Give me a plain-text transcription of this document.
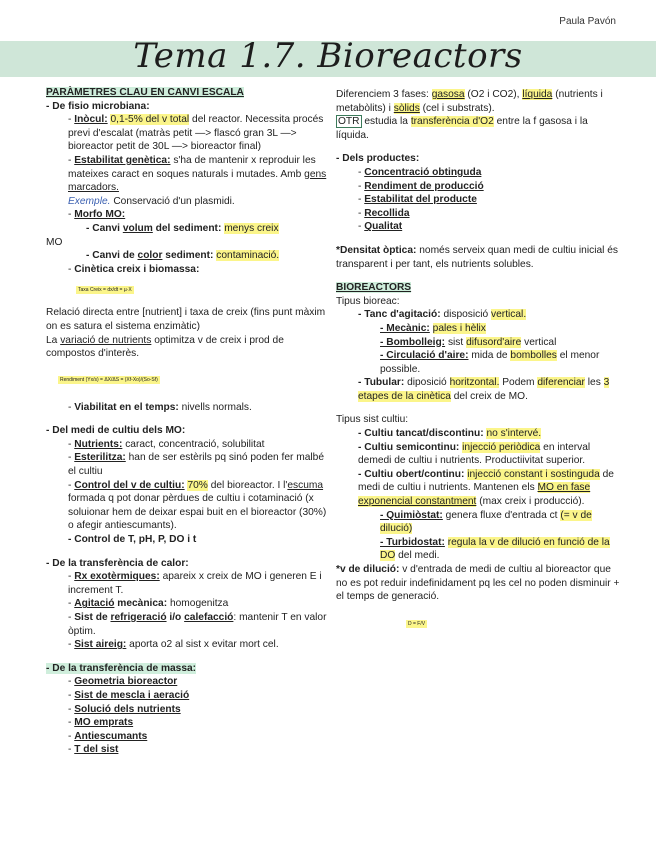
Paula Pavón
Tema 1.7. Bioreactors

PARÀMETRES CLAU EN CANVI ESCALA

- De fisio microbiana:

- Inòcul: 0,1-5% del v total del reactor. Necessita procés previ d'escalat (matràs petit —> flascó gran 3L —> bioreactor petit de 30L —> bioreactor final)

- Estabilitat genètica: s'ha de mantenir x reproduir les mateixes caract en soques naturals i mutades. Amb gens marcadors.

Exemple. Conservació d'un plasmidi.

- Morfo MO:

- Canvi volum del sediment: menys creix

MO

- Canvi de color sediment: contaminació.

- Cinètica creix i biomassa:

Taxa Creix = dx/dt = µ·X

Relació directa entre [nutrient] i taxa de creix (fins punt màxim on es satura el sistema enzimàtic)

La variació de nutrients optimitza v de creix i prod de compostos d'interès.

Rendiment (Yx/s) = ΔX/ΔS = (Xf-Xo)/(So-Sf)

- Viabilitat en el temps: nivells normals.

- Del medi de cultiu dels MO:

- Nutrients: caract, concentració, solubilitat

- Esterilitza: han de ser estèrils pq sinó poden fer malbé el cultiu

- Control del v de cultiu: 70% del bioreactor. I l'escuma formada q pot donar pèrdues de cultiu i cotaminació (x soluionar hem de deixar espai buit en el bioreactor (30%) o afegir antiescumants).

- Control de T, pH, P, DO i t

- De la transferència de calor:

- Rx exotèrmiques: apareix x creix de MO i generen E i increment T.

- Agitació mecànica: homogenitza

- Sist de refrigeració i/o calefacció: mantenir T en valor òptim.

- Sist aireig: aporta o2 al sist x evitar mort cel.

- De la transferència de massa:

- Geometria bioreactor

- Sist de mescla i aeració

- Solució dels nutrients

- MO emprats

- Antiescumants

- T del sist

Diferenciem 3 fases: gasosa (O2 i CO2), líquida (nutrients i metabòlits) i sòlids (cel i substrats).

OTR estudia la transferència d'O2 entre la f gasosa i la líquida.

- Dels productes:

- Concentració obtinguda

- Rendiment de producció

- Estabilitat del producte

- Recollida

- Qualitat

*Densitat òptica: només serveix quan medi de cultiu inicial és transparent i per tant, els nutrients solubles.

BIOREACTORS

Tipus bioreac:

- Tanc d'agitació: disposició vertical.

- Mecànic: pales i hèlix

- Bombolleig: sist difusord'aire vertical

- Circulació d'aire: mida de bombolles el menor possible.

- Tubular: diposició horitzontal. Podem diferenciar les 3 etapes de la cinètica del creix de MO.

Tipus sist cultiu:

- Cultiu tancat/discontinu: no s'intervé.

- Cultiu semicontinu: injecció periòdica en interval demedi de cultiu i nutrients. Productiivitat superior.

- Cultiu obert/continu: injecció constant i sostinguda de medi de cultiu i nutrients. Mantenen els MO en fase exponencial constantment (max creix i producció).

- Quimiòstat: genera fluxe d'entrada ct (= v de dilució)

- Turbidostat: regula la v de dilució en funció de la DO del medi.

*v de dilució: v d'entrada de medi de cultiu al bioreactor que no es pot reduir indefinidament pq les cel no poden disminuir + el temps de generació.

D = F/V
